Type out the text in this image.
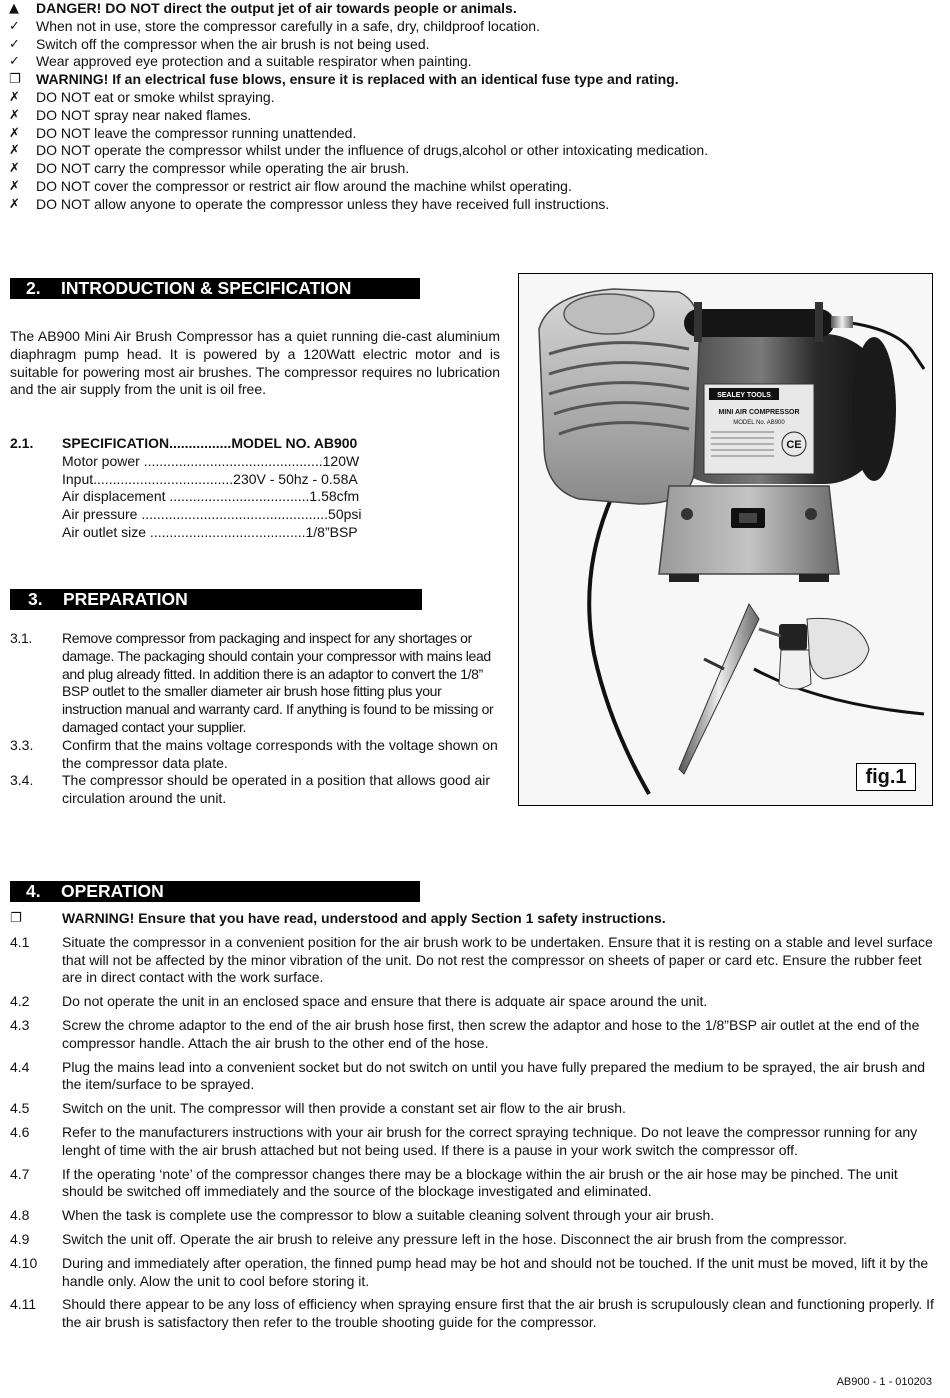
▲	DANGER! DO NOT direct the output jet of air towards people or animals.
✓	When not in use, store the compressor carefully in a safe, dry, childproof location.
✓	Switch off the compressor when the air brush is not being used.
✓	Wear approved eye protection and a suitable respirator when painting.
❐	WARNING! If an electrical fuse blows, ensure it is replaced with an identical fuse type and rating.
✗	DO NOT eat or smoke whilst spraying.
✗	DO NOT spray near naked flames.
✗	DO NOT leave the compressor running unattended.
✗	DO NOT operate the compressor whilst under the influence of drugs,alcohol or other intoxicating medication.
✗	DO NOT carry the compressor while operating the air brush.
✗	DO NOT cover the compressor or restrict air flow around the machine whilst operating.
✗	DO NOT allow anyone to operate the compressor unless they have received full instructions.
2. INTRODUCTION & SPECIFICATION

The AB900 Mini Air Brush Compressor has a quiet running die-cast aluminium diaphragm pump head. It is powered by a 120Watt electric motor and is suitable for powering most air brushes. The compressor requires no lubrication and the air supply from the unit is oil free.

2.1.	SPECIFICATION................MODEL NO. AB900
Motor power ..............................................120W
Input....................................230V - 50hz - 0.58A
Air displacement ....................................1.58cfm
Air pressure ................................................50psi
Air outlet size ........................................1/8”BSP
3. PREPARATION
3.1.	Remove compressor from packaging and inspect for any shortages or damage. The packaging should contain your compressor with mains lead and plug already fitted. In addition there is an adaptor to convert the 1/8” BSP outlet to the smaller diameter air brush hose fitting plus your instruction manual and warranty card. If anything is found to be missing or damaged contact your supplier.
3.3.	Confirm that the mains voltage corresponds with the voltage shown on the compressor data plate.
3.4.	The compressor should be operated in a position that allows good air circulation around the unit.
SEALEY TOOLS
MINI AIR COMPRESSOR
MODEL No. AB900
CE
fig.1
4. OPERATION
❐	WARNING! Ensure that you have read, understood and apply Section 1 safety instructions.
4.1	Situate the compressor in a convenient position for the air brush work to be undertaken. Ensure that it is resting on a stable and level surface that will not be affected by the minor vibration of the unit. Do not rest the compressor on sheets of paper or card etc. Ensure the rubber feet are in direct contact with the work surface.
4.2	Do not operate the unit in an enclosed space and ensure that there is adquate air space around the unit.
4.3	Screw the chrome adaptor to the end of the air brush hose first, then screw the adaptor and hose to the 1/8”BSP air outlet at the end of the compressor handle. Attach the air brush to the other end of the hose.
4.4	Plug the mains lead into a convenient socket but do not switch on until you have fully prepared the medium to be sprayed, the air brush and the item/surface to be sprayed.
4.5	Switch on the unit. The compressor will then provide a constant set air flow to the air brush.
4.6	Refer to the manufacturers instructions with your air brush for the correct spraying technique. Do not leave the compressor running for any lenght of time with the air brush attached but not being used. If there is a pause in your work switch the compressor off.
4.7	If the operating ‘note’ of the compressor changes there may be a blockage within the air brush or the air hose may be pinched. The unit should be switched off immediately and the source of the blockage investigated and eliminated.
4.8	When the task is complete use the compressor to blow a suitable cleaning solvent through your air brush.
4.9	Switch the unit off. Operate the air brush to releive any pressure left in the hose. Disconnect the air brush from the compressor.
4.10	During and immediately after operation, the finned pump head may be hot and should not be touched. If the unit must be moved, lift it by the handle only. Alow the unit to cool before storing it.
4.11	Should there appear to be any loss of efficiency when spraying ensure first that the air brush is scrupulously clean and functioning properly. If the air brush is satisfactory then refer to the trouble shooting guide for the compressor.
AB900 - 1 - 010203
